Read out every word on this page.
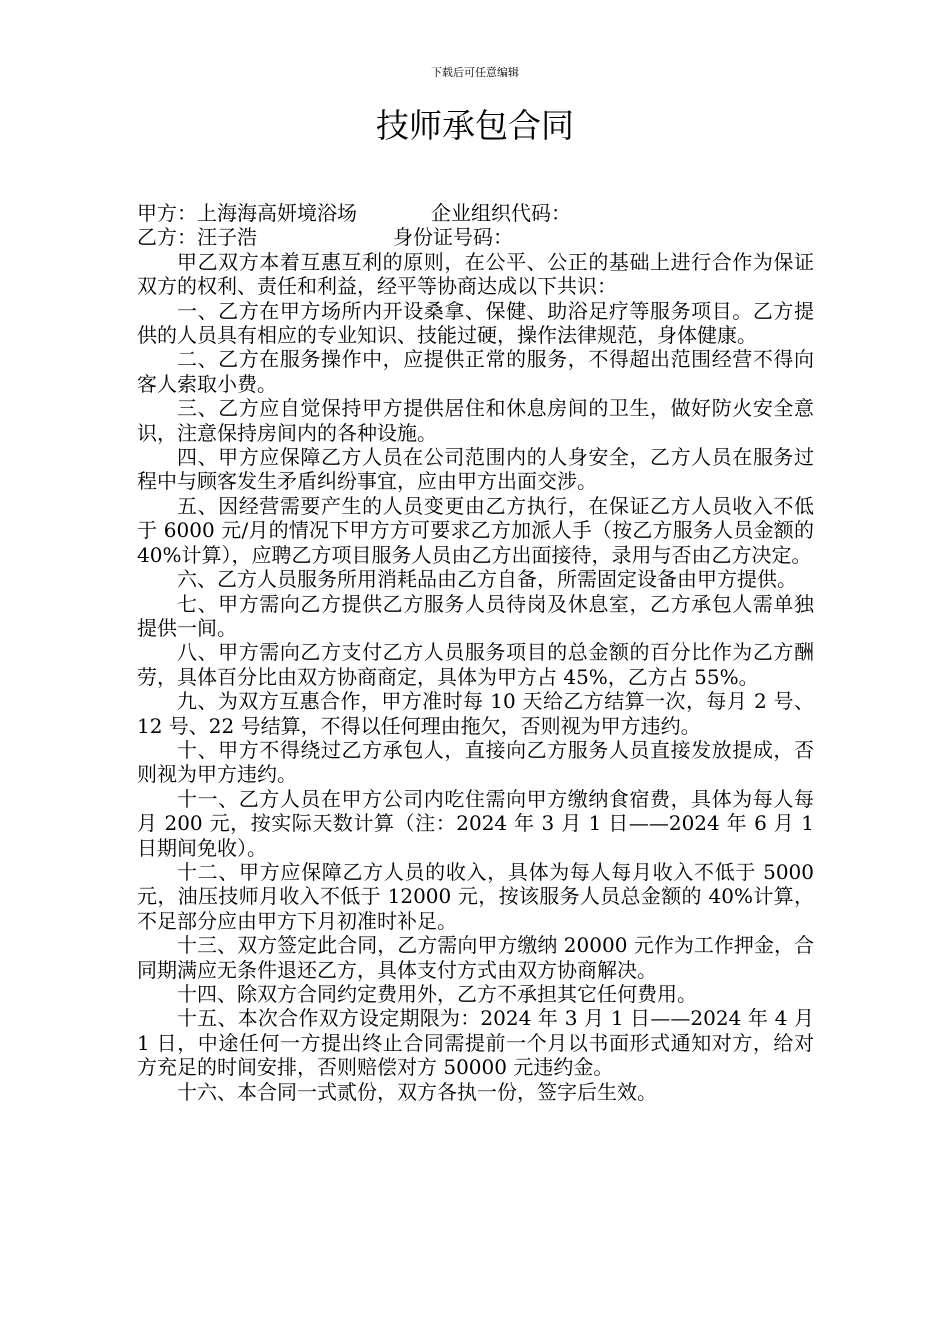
下载后可任意编辑
技师承包合同
甲方：上海海高妍境浴场	企业组织代码：
乙方：汪子浩	身份证号码：

甲乙双方本着互惠互利的原则，在公平、公正的基础上进行合作为保证双方的权利、责任和利益，经平等协商达成以下共识：

一、乙方在甲方场所内开设桑拿、保健、助浴足疗等服务项目。乙方提供的人员具有相应的专业知识、技能过硬，操作法律规范，身体健康。

二、乙方在服务操作中，应提供正常的服务，不得超出范围经营不得向客人索取小费。

三、乙方应自觉保持甲方提供居住和休息房间的卫生，做好防火安全意识，注意保持房间内的各种设施。

四、甲方应保障乙方人员在公司范围内的人身安全，乙方人员在服务过程中与顾客发生矛盾纠纷事宜，应由甲方出面交涉。

五、因经营需要产生的人员变更由乙方执行，在保证乙方人员收入不低于 6000 元/月的情况下甲方方可要求乙方加派人手（按乙方服务人员金额的 40%计算），应聘乙方项目服务人员由乙方出面接待，录用与否由乙方决定。

六、乙方人员服务所用消耗品由乙方自备，所需固定设备由甲方提供。

七、甲方需向乙方提供乙方服务人员待岗及休息室，乙方承包人需单独提供一间。

八、甲方需向乙方支付乙方人员服务项目的总金额的百分比作为乙方酬劳，具体百分比由双方协商商定，具体为甲方占 45%，乙方占 55%。

九、为双方互惠合作，甲方准时每 10 天给乙方结算一次，每月 2 号、12 号、22 号结算，不得以任何理由拖欠，否则视为甲方违约。

十、甲方不得绕过乙方承包人，直接向乙方服务人员直接发放提成，否则视为甲方违约。

十一、乙方人员在甲方公司内吃住需向甲方缴纳食宿费，具体为每人每月 200 元，按实际天数计算（注：2024 年 3 月 1 日——2024 年 6 月 1 日期间免收）。

十二、甲方应保障乙方人员的收入，具体为每人每月收入不低于 5000 元，油压技师月收入不低于 12000 元，按该服务人员总金额的 40%计算，不足部分应由甲方下月初准时补足。

十三、双方签定此合同，乙方需向甲方缴纳 20000 元作为工作押金，合同期满应无条件退还乙方，具体支付方式由双方协商解决。

十四、除双方合同约定费用外，乙方不承担其它任何费用。

十五、本次合作双方设定期限为：2024 年 3 月 1 日——2024 年 4 月 1 日，中途任何一方提出终止合同需提前一个月以书面形式通知对方，给对方充足的时间安排，否则赔偿对方 50000 元违约金。

十六、本合同一式贰份，双方各执一份，签字后生效。
